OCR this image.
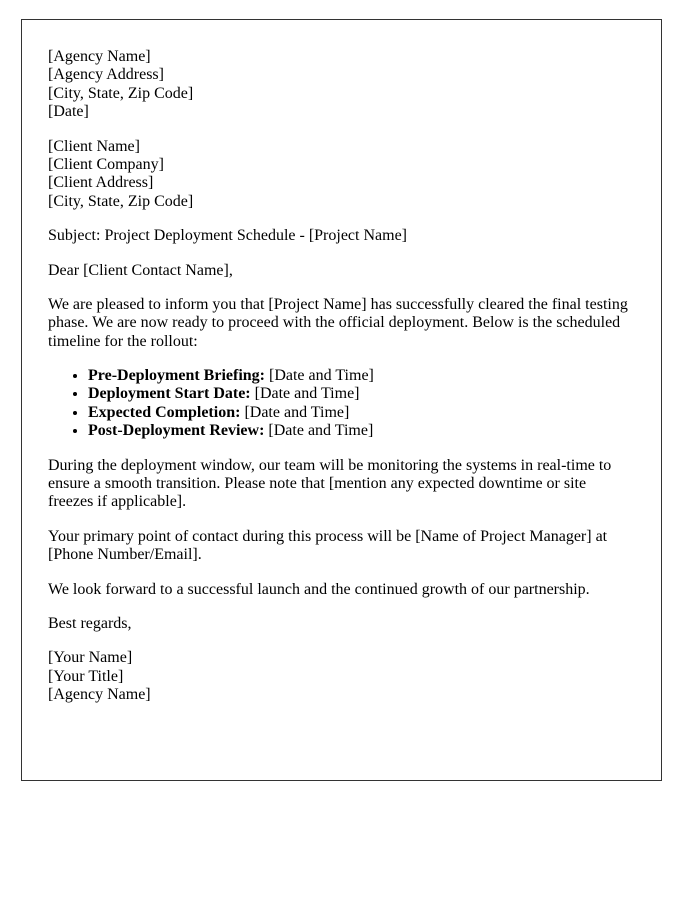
[Agency Name]
[Agency Address]
[City, State, Zip Code]
[Date]

[Client Name]
[Client Company]
[Client Address]
[City, State, Zip Code]

Subject: Project Deployment Schedule - [Project Name]

Dear [Client Contact Name],

We are pleased to inform you that [Project Name] has successfully cleared the final testing phase. We are now ready to proceed with the official deployment. Below is the scheduled timeline for the rollout:

• Pre-Deployment Briefing: [Date and Time]
• Deployment Start Date: [Date and Time]
• Expected Completion: [Date and Time]
• Post-Deployment Review: [Date and Time]

During the deployment window, our team will be monitoring the systems in real-time to ensure a smooth transition. Please note that [mention any expected downtime or site freezes if applicable].

Your primary point of contact during this process will be [Name of Project Manager] at [Phone Number/Email].

We look forward to a successful launch and the continued growth of our partnership.

Best regards,

[Your Name]
[Your Title]
[Agency Name]
